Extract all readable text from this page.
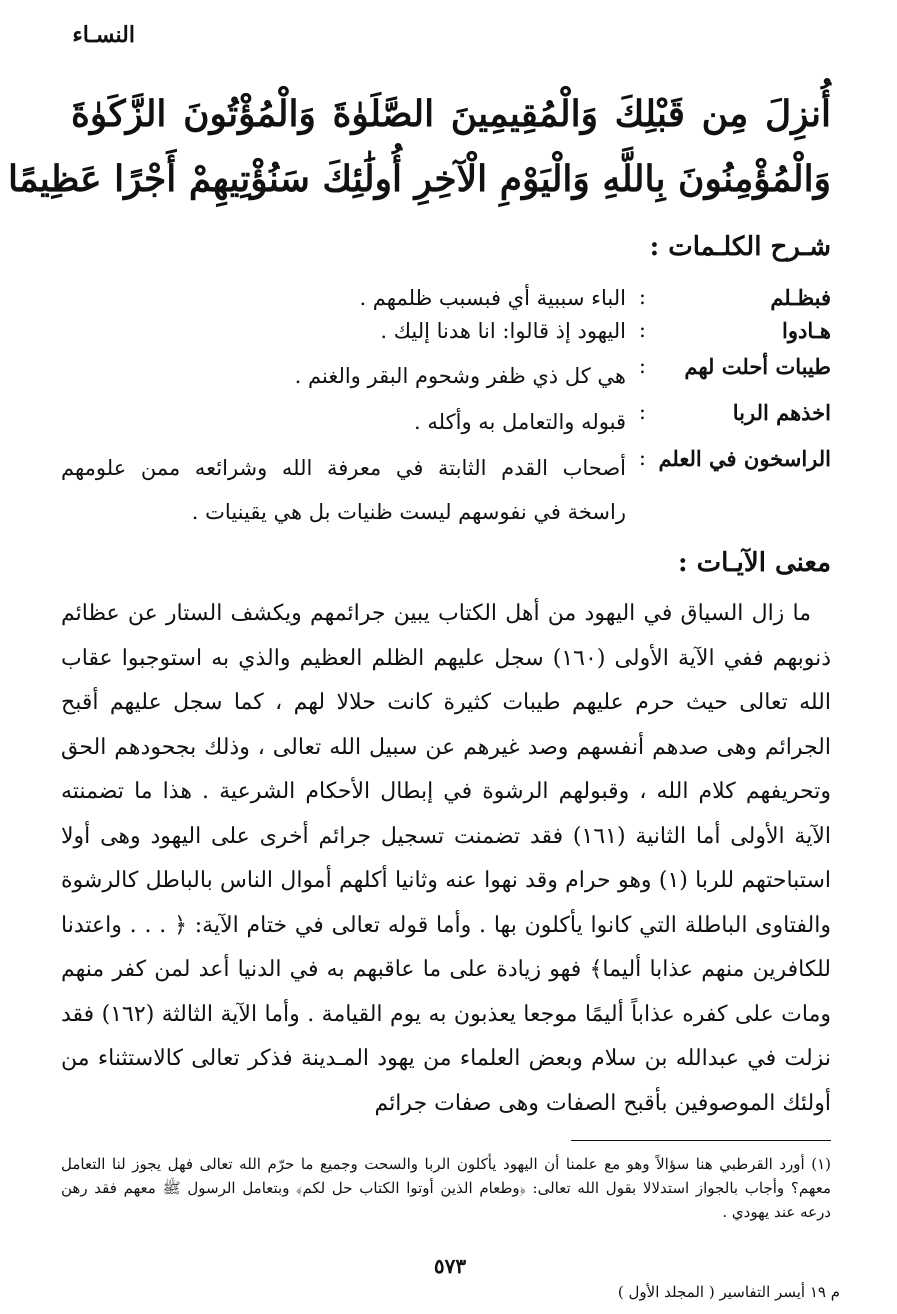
النسـاء
أُنزِلَ مِن قَبْلِكَ وَالْمُقِيمِينَ الصَّلَوٰةَ وَالْمُؤْتُونَ الزَّكَوٰةَ
وَالْمُؤْمِنُونَ بِاللَّهِ وَالْيَوْمِ الْآخِرِ أُولَٰئِكَ سَنُؤْتِيهِمْ أَجْرًا عَظِيمًا
شـرح الكلـمات :
فبظـلم
:
الباء سببية أي فبسبب ظلمهم .
هـادوا
:
اليهود إذ قالوا: انا هدنا إليك .
طيبات أحلت لهم
:
هي كل ذي ظفر وشحوم البقر والغنم .
اخذهم الربا
:
قبوله والتعامل به وأكله .
الراسخون في العلم
:
أصحاب القدم الثابتة في معرفة الله وشرائعه ممن علومهم راسخة في نفوسهم ليست ظنيات بل هي يقينيات .
معنى الآيـات :

ما زال السياق في اليهود من أهل الكتاب يبين جرائمهم ويكشف الستار عن عظائم ذنوبهم ففي الآية الأولى (١٦٠) سجل عليهم الظلم العظيم والذي به استوجبوا عقاب الله تعالى حيث حرم عليهم طيبات كثيرة كانت حلالا لهم ، كما سجل عليهم أقبح الجرائم وهى صدهم أنفسهم وصد غيرهم عن سبيل الله تعالى ، وذلك بجحودهم الحق وتحريفهم كلام الله ، وقبولهم الرشوة في إبطال الأحكام الشرعية . هذا ما تضمنته الآية الأولى أما الثانية (١٦١) فقد تضمنت تسجيل جرائم أخرى على اليهود وهى أولا استباحتهم للربا (١) وهو حرام وقد نهوا عنه وثانيا أكلهم أموال الناس بالباطل كالرشوة والفتاوى الباطلة التي كانوا يأكلون بها . وأما قوله تعالى في ختام الآية: ﴿ . . . واعتدنا للكافرين منهم عذابا أليما﴾ فهو زيادة على ما عاقبهم به في الدنيا أعد لمن كفر منهم ومات على كفره عذاباً أليمًا موجعا يعذبون به يوم القيامة . وأما الآية الثالثة (١٦٢) فقد نزلت في عبدالله بن سلام وبعض العلماء من يهود المـدينة فذكر تعالى كالاستثناء من أولئك الموصوفين بأقبح الصفات وهى صفات جرائم

(١) أورد القرطبي هنا سؤالاً وهو مع علمنا أن اليهود يأكلون الربا والسحت وجميع ما حرّم الله تعالى فهل يجوز لنا التعامل معهم؟ وأجاب بالجواز استدلالا بقول الله تعالى: ﴿وطعام الذين أوتوا الكتاب حل لكم﴾ وبتعامل الرسول ﷺ معهم فقد رهن درعه عند يهودي .
٥٧٣
م ١٩ أيسر التفاسير ( المجلد الأول )
